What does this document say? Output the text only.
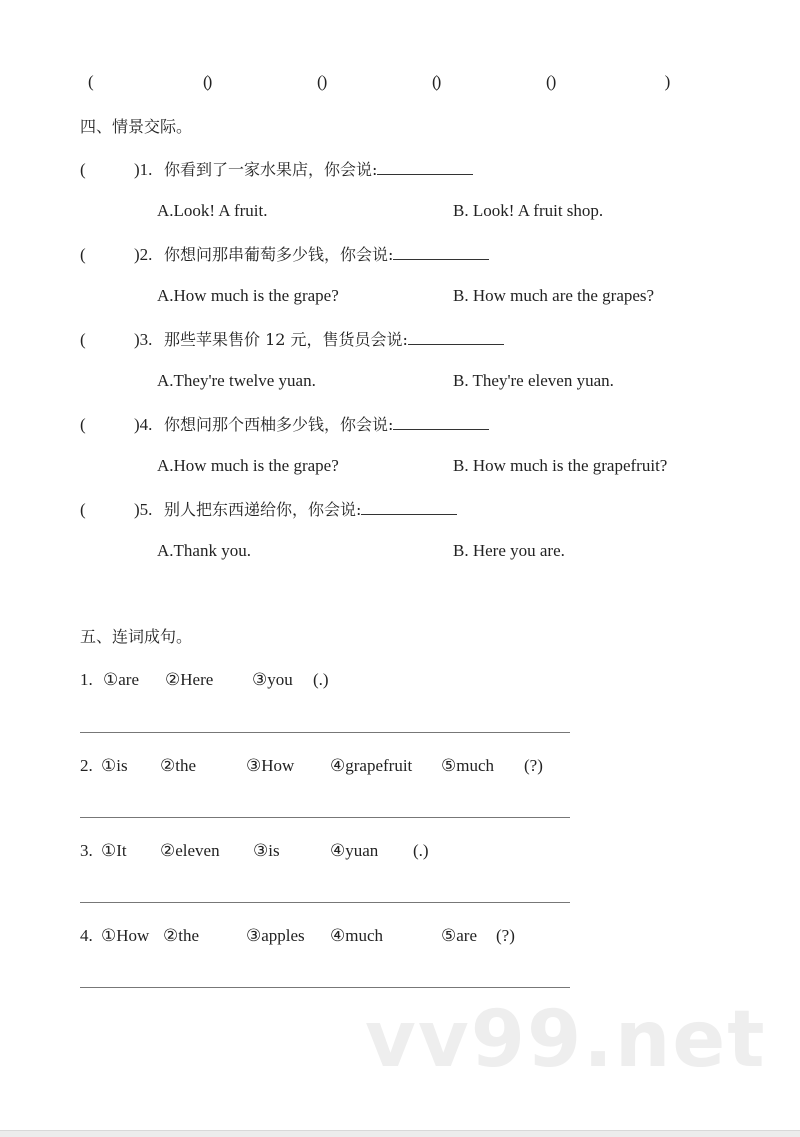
(    )
(    )
(    )
(    )
(    )
四、情景交际。
(	)1. 你看到了一家水果店，你会说:
A.Look! A fruit.	B. Look! A fruit shop.
(	)2. 你想问那串葡萄多少钱，你会说:
A.How much is the grape?	B. How much are the grapes?
(	)3. 那些苹果售价 12 元，售货员会说:
A.They're twelve yuan.	B. They're eleven yuan.
(	)4. 你想问那个西柚多少钱，你会说:
A.How much is the grape?	B. How much is the grapefruit?
(	)5. 别人把东西递给你，你会说:
A.Thank you.	B. Here you are.
五、连词成句。
1. ①are ②Here ③you (.)
2. ①is ②the	③How ④grapefruit ⑤much (?)
3. ①It ②eleven ③is	④yuan (.)
4. ①How ②the	③apples ④much	⑤are (?)
vv99.net
